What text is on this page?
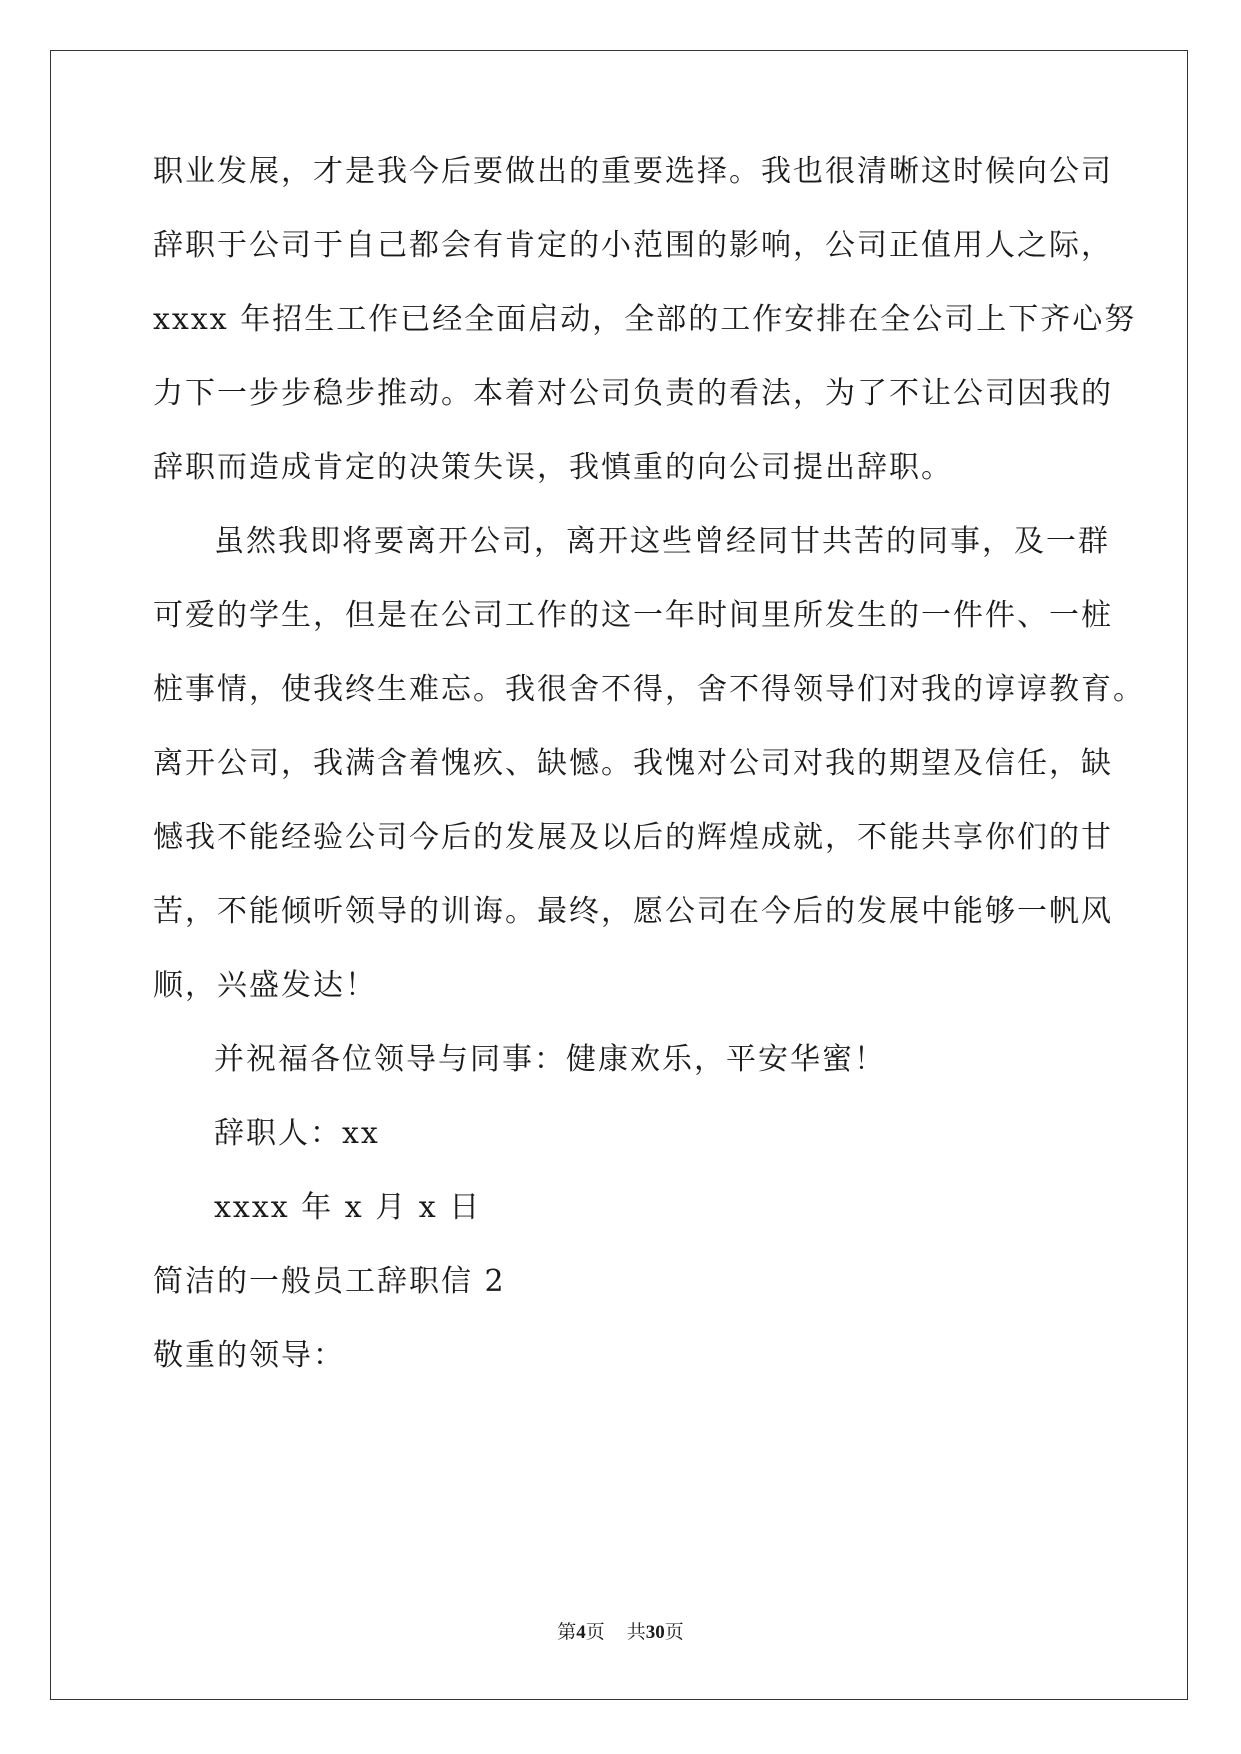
职业发展，才是我今后要做出的重要选择。我也很清晰这时候向公司
辞职于公司于自己都会有肯定的小范围的影响，公司正值用人之际，
xxxx 年招生工作已经全面启动，全部的工作安排在全公司上下齐心努
力下一步步稳步推动。本着对公司负责的看法，为了不让公司因我的
辞职而造成肯定的决策失误，我慎重的向公司提出辞职。
虽然我即将要离开公司，离开这些曾经同甘共苦的同事，及一群
可爱的学生，但是在公司工作的这一年时间里所发生的一件件、一桩
桩事情，使我终生难忘。我很舍不得，舍不得领导们对我的谆谆教育。
离开公司，我满含着愧疚、缺憾。我愧对公司对我的期望及信任，缺
憾我不能经验公司今后的发展及以后的辉煌成就，不能共享你们的甘
苦，不能倾听领导的训诲。最终，愿公司在今后的发展中能够一帆风
顺，兴盛发达！
并祝福各位领导与同事：健康欢乐，平安华蜜！
辞职人：xx
xxxx 年 x 月 x 日
简洁的一般员工辞职信 2
敬重的领导：
第4页 共30页
